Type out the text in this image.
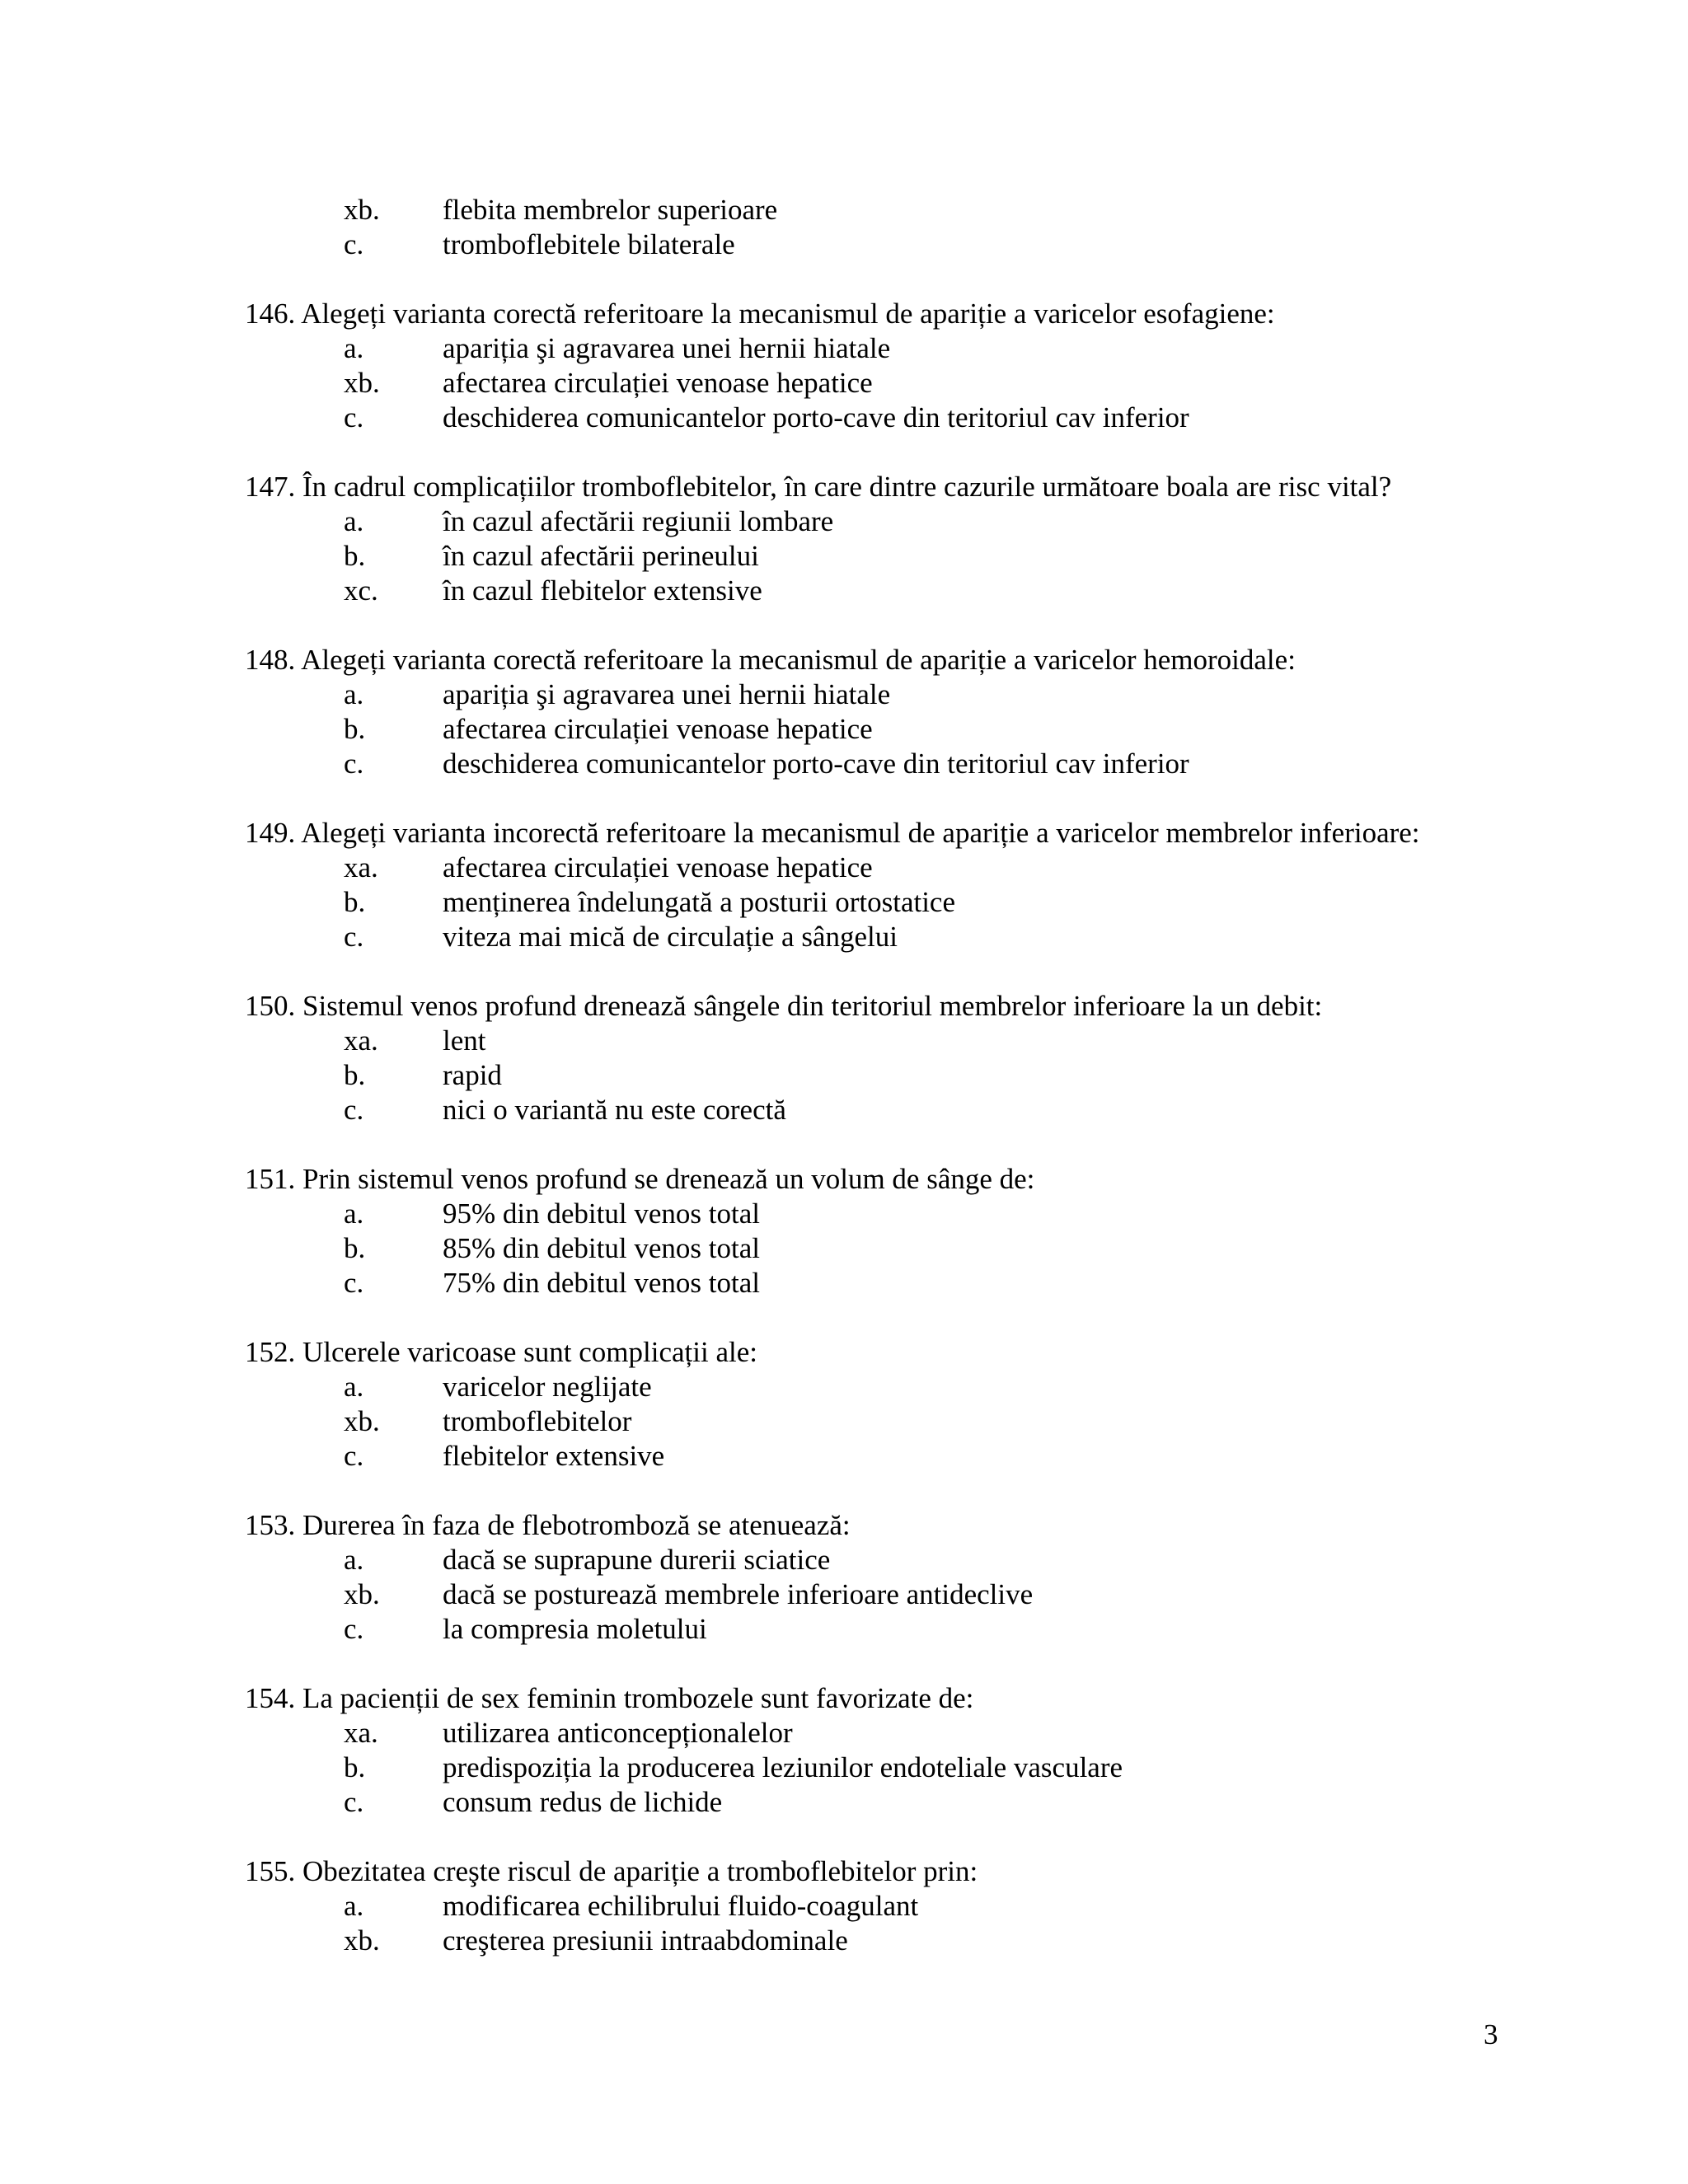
xb. flebita membrelor superioare
c.	tromboflebitele bilaterale
146. Alegeți varianta corectă referitoare la mecanismul de apariție a varicelor esofagiene:
a.	apariția şi agravarea unei hernii hiatale
xb. afectarea circulației venoase hepatice
c.	deschiderea comunicantelor porto-cave din teritoriul cav inferior
147. În cadrul complicațiilor tromboflebitelor, în care dintre cazurile următoare boala are risc vital?
a.	în cazul afectării regiunii lombare
b.	în cazul afectării perineului
xc. în cazul flebitelor extensive
148. Alegeți varianta corectă referitoare la mecanismul de apariție a varicelor hemoroidale:
a.	apariția şi agravarea unei hernii hiatale
b.	afectarea circulației venoase hepatice
c.	deschiderea comunicantelor porto-cave din teritoriul cav inferior
149. Alegeți varianta incorectă referitoare la mecanismul de apariție a varicelor membrelor inferioare:
xa. afectarea circulației venoase hepatice
b.	menținerea îndelungată a posturii ortostatice
c.	viteza mai mică de circulație a sângelui
150. Sistemul venos profund drenează sângele din teritoriul membrelor inferioare la un debit:
xa. lent
b.	rapid
c.	nici o variantă nu este corectă
151. Prin sistemul venos profund se drenează un volum de sânge de:
a.	95% din debitul venos total
b.	85% din debitul venos total
c.	75% din debitul venos total
152. Ulcerele varicoase sunt complicații ale:
a.	varicelor neglijate
xb. tromboflebitelor
c.	flebitelor extensive
153. Durerea în faza de flebotromboză se atenuează:
a.	dacă se suprapune durerii sciatice
xb. dacă se posturează membrele inferioare antideclive
c.	la compresia moletului
154. La pacienții de sex feminin trombozele sunt favorizate de:
xa. utilizarea anticoncepționalelor
b.	predispoziția la producerea leziunilor endoteliale vasculare
c.	consum redus de lichide
155. Obezitatea creşte riscul de apariție a tromboflebitelor prin:
a.	modificarea echilibrului fluido-coagulant
xb. creşterea presiunii intraabdominale
3
